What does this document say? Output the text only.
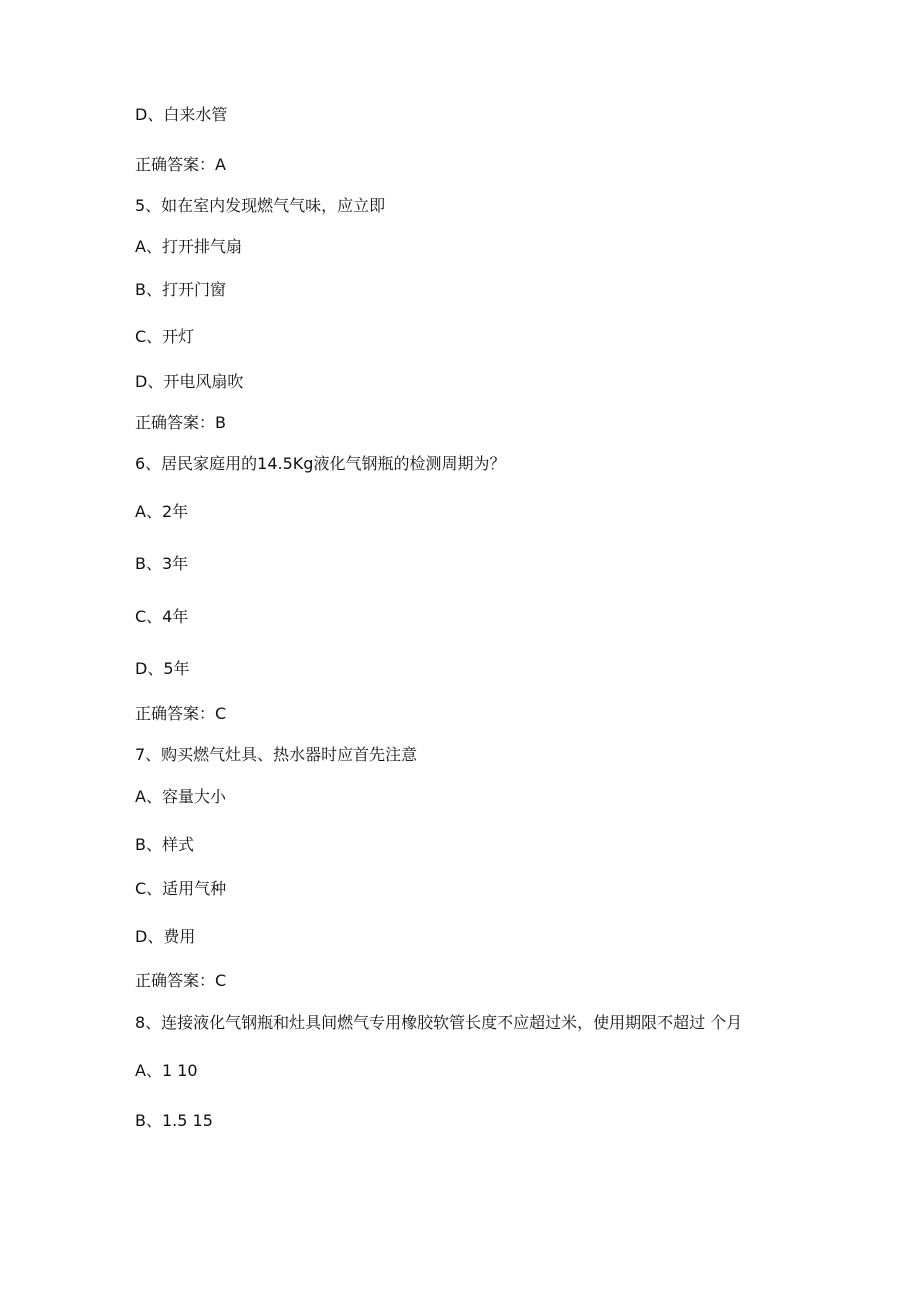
D、白来水管
正确答案：A
5、如在室内发现燃气气味，应立即
A、打开排气扇
B、打开门窗
C、开灯
D、开电风扇吹
正确答案：B
6、居民家庭用的14.5Kg液化气钢瓶的检测周期为？
A、2年
B、3年
C、4年
D、5年
正确答案：C
7、购买燃气灶具、热水器时应首先注意
A、容量大小
B、样式
C、适用气种
D、费用
正确答案：C
8、连接液化气钢瓶和灶具间燃气专用橡胶软管长度不应超过米，使用期限不超过 个月
A、1 10
B、1.5 15
